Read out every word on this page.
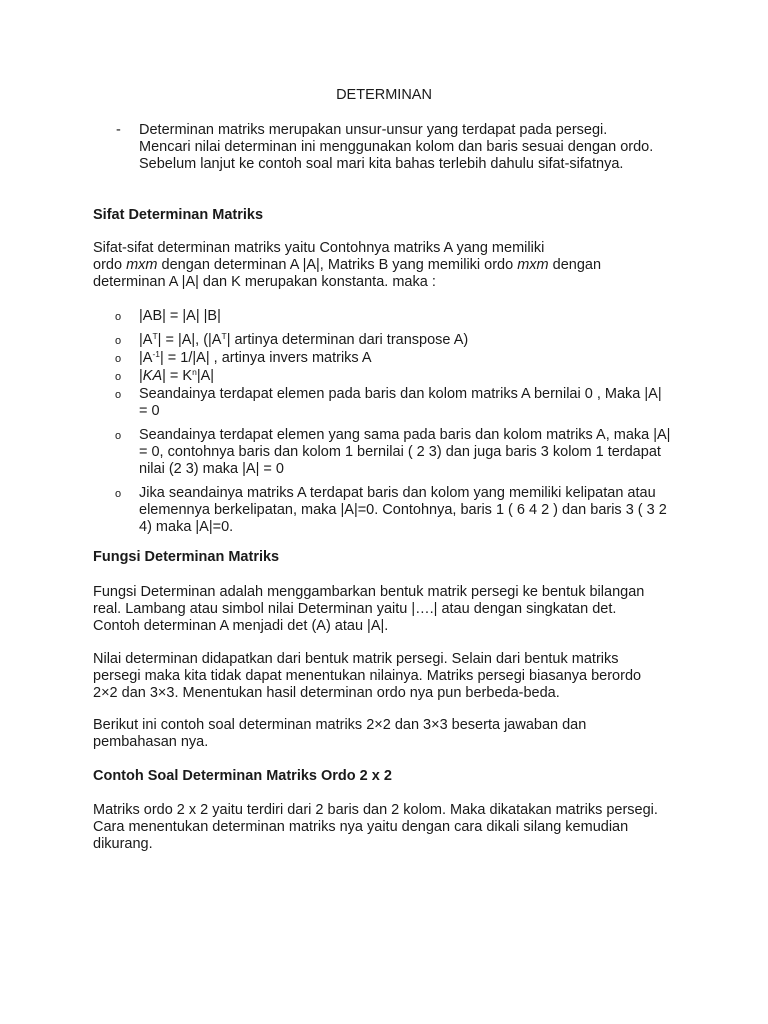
DETERMINAN
- Determinan matriks merupakan unsur-unsur yang terdapat pada persegi. Mencari nilai determinan ini menggunakan kolom dan baris sesuai dengan ordo. Sebelum lanjut ke contoh soal mari kita bahas terlebih dahulu sifat-sifatnya.

Sifat Determinan Matriks

Sifat-sifat determinan matriks yaitu Contohnya matriks A yang memiliki
ordo mxm dengan determinan A |A|, Matriks B yang memiliki ordo mxm dengan
determinan A |A| dan K merupakan konstanta. maka :
o |AB| = |A| |B|
o $|A^T| = |A|$, ($|A^T|$ artinya determinan dari transpose A)
o $|A^{-1}| = 1/|A|$ , artinya invers matriks A
o $|KA| = K^n|A|$
o Seandainya terdapat elemen pada baris dan kolom matriks A bernilai 0 , Maka |A| = 0
o Seandainya terdapat elemen yang sama pada baris dan kolom matriks A, maka |A| = 0, contohnya baris dan kolom 1 bernilai ( 2 3) dan juga baris 3 kolom 1 terdapat nilai (2 3) maka |A| = 0
o Jika seandainya matriks A terdapat baris dan kolom yang memiliki kelipatan atau elemennya berkelipatan, maka |A|=0. Contohnya, baris 1 ( 6 4 2 ) dan baris 3 ( 3 2 4) maka |A|=0.

Fungsi Determinan Matriks

Fungsi Determinan adalah menggambarkan bentuk matrik persegi ke bentuk bilangan real. Lambang atau simbol nilai Determinan yaitu |….| atau dengan singkatan det. Contoh determinan A menjadi det (A) atau |A|.

Nilai determinan didapatkan dari bentuk matrik persegi. Selain dari bentuk matriks persegi maka kita tidak dapat menentukan nilainya. Matriks persegi biasanya berordo 2×2 dan 3×3. Menentukan hasil determinan ordo nya pun berbeda-beda.

Berikut ini contoh soal determinan matriks 2×2 dan 3×3 beserta jawaban dan pembahasan nya.

Contoh Soal Determinan Matriks Ordo 2 x 2

Matriks ordo 2 x 2 yaitu terdiri dari 2 baris dan 2 kolom. Maka dikatakan matriks persegi. Cara menentukan determinan matriks nya yaitu dengan cara dikali silang kemudian dikurang.
